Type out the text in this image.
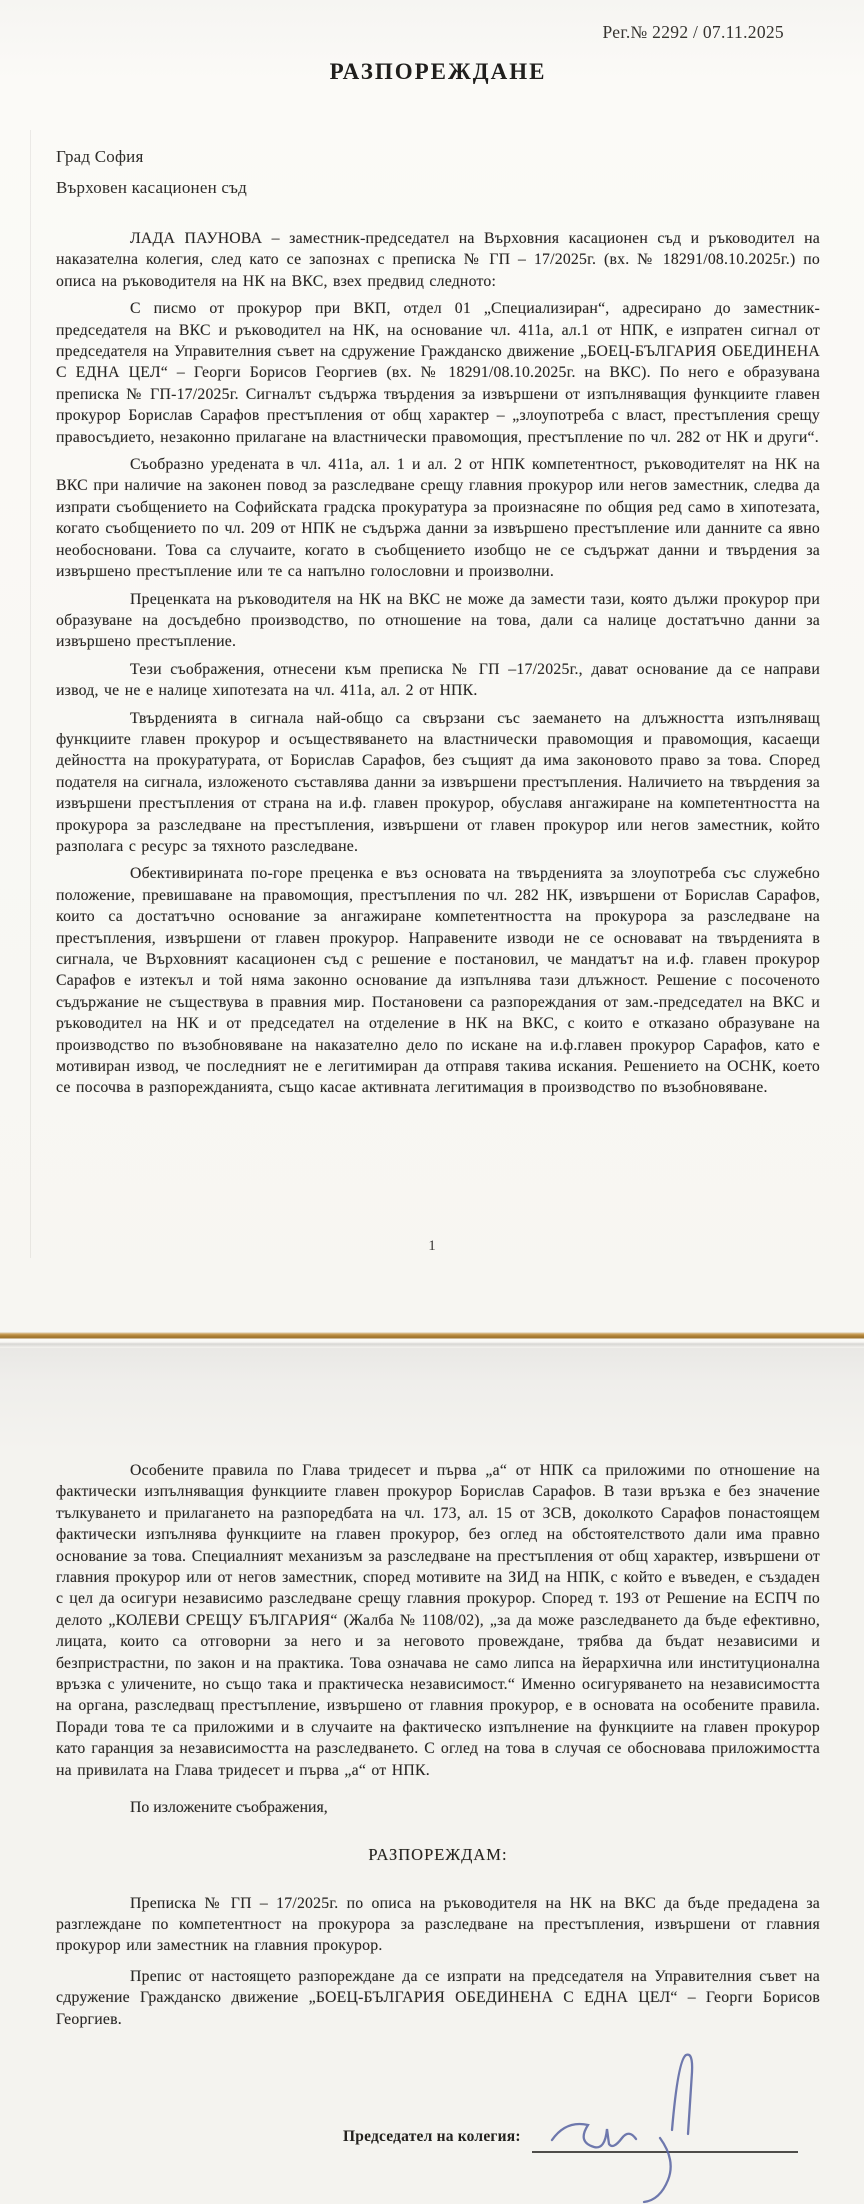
Рег.№ 2292 / 07.11.2025
РАЗПОРЕЖДАНЕ
Град София
Върховен касационен съд

ЛАДА ПАУНОВА – заместник-председател на Върховния касационен съд и ръководител на наказателна колегия, след като се запознах с преписка № ГП – 17/2025г. (вх. № 18291/08.10.2025г.) по описа на ръководителя на НК на ВКС, взех предвид следното:

С писмо от прокурор при ВКП, отдел 01 „Специализиран“, адресирано до заместник-председателя на ВКС и ръководител на НК, на основание чл. 411а, ал.1 от НПК, е изпратен сигнал от председателя на Управителния съвет на сдружение Гражданско движение „БОЕЦ-БЪЛГАРИЯ ОБЕДИНЕНА С ЕДНА ЦЕЛ“ – Георги Борисов Георгиев (вх. № 18291/08.10.2025г. на ВКС). По него е образувана преписка № ГП-17/2025г. Сигналът съдържа твърдения за извършени от изпълняващия функциите главен прокурор Борислав Сарафов престъпления от общ характер – „злоупотреба с власт, престъпления срещу правосъдието, незаконно прилагане на властнически правомощия, престъпление по чл. 282 от НК и други“.

Съобразно уредената в чл. 411а, ал. 1 и ал. 2 от НПК компетентност, ръководителят на НК на ВКС при наличие на законен повод за разследване срещу главния прокурор или негов заместник, следва да изпрати съобщението на Софийската градска прокуратура за произнасяне по общия ред само в хипотезата, когато съобщението по чл. 209 от НПК не съдържа данни за извършено престъпление или данните са явно необосновани. Това са случаите, когато в съобщението изобщо не се съдържат данни и твърдения за извършено престъпление или те са напълно голословни и произволни.

Преценката на ръководителя на НК на ВКС не може да замести тази, която дължи прокурор при образуване на досъдебно производство, по отношение на това, дали са налице достатъчно данни за извършено престъпление.

Тези съображения, отнесени към преписка № ГП –17/2025г., дават основание да се направи извод, че не е налице хипотезата на чл. 411а, ал. 2 от НПК.

Твърденията в сигнала най-общо са свързани със заемането на длъжността изпълняващ функциите главен прокурор и осъществяването на властнически правомощия и правомощия, касаещи дейността на прокуратурата, от Борислав Сарафов, без същият да има законовото право за това. Според подателя на сигнала, изложеното съставлява данни за извършени престъпления. Наличието на твърдения за извършени престъпления от страна на и.ф. главен прокурор, обуславя ангажиране на компетентността на прокурора за разследване на престъпления, извършени от главен прокурор или негов заместник, който разполага с ресурс за тяхното разследване.

Обективирината по-горе преценка е въз основата на твърденията за злоупотреба със служебно положение, превишаване на правомощия, престъпления по чл. 282 НК, извършени от Борислав Сарафов, които са достатъчно основание за ангажиране компетентността на прокурора за разследване на престъпления, извършени от главен прокурор. Направените изводи не се основават на твърденията в сигнала, че Върховният касационен съд с решение е постановил, че мандатът на и.ф. главен прокурор Сарафов е изтекъл и той няма законно основание да изпълнява тази длъжност. Решение с посоченото съдържание не съществува в правния мир. Постановени са разпореждания от зам.-председател на ВКС и ръководител на НК и от председател на отделение в НК на ВКС, с които е отказано образуване на производство по възобновяване на наказателно дело по искане на и.ф.главен прокурор Сарафов, като е мотивиран извод, че последният не е легитимиран да отправя такива искания. Решението на ОСНК, което се посочва в разпорежданията, също касае активната легитимация в производство по възобновяване.

1

Особените правила по Глава тридесет и първа „а“ от НПК са приложими по отношение на фактически изпълняващия функциите главен прокурор Борислав Сарафов. В тази връзка е без значение тълкуването и прилагането на разпоредбата на чл. 173, ал. 15 от ЗСВ, доколкото Сарафов понастоящем фактически изпълнява функциите на главен прокурор, без оглед на обстоятелството дали има правно основание за това. Специалният механизъм за разследване на престъпления от общ характер, извършени от главния прокурор или от негов заместник, според мотивите на ЗИД на НПК, с който е въведен, е създаден с цел да осигури независимо разследване срещу главния прокурор. Според т. 193 от Решение на ЕСПЧ по делото „КОЛЕВИ СРЕЩУ БЪЛГАРИЯ“ (Жалба № 1108/02), „за да може разследването да бъде ефективно, лицата, които са отговорни за него и за неговото провеждане, трябва да бъдат независими и безпристрастни, по закон и на практика. Това означава не само липса на йерархична или институционална връзка с уличените, но също така и практическа независимост.“ Именно осигуряването на независимостта на органа, разследващ престъпление, извършено от главния прокурор, е в основата на особените правила. Поради това те са приложими и в случаите на фактическо изпълнение на функциите на главен прокурор като гаранция за независимостта на разследването. С оглед на това в случая се обосновава приложимостта на привилата на Глава тридесет и първа „а“ от НПК.

По изложените съображения,

РАЗПОРЕЖДАМ:

Преписка № ГП – 17/2025г. по описа на ръководителя на НК на ВКС да бъде предадена за разглеждане по компетентност на прокурора за разследване на престъпления, извършени от главния прокурор или заместник на главния прокурор.

Препис от настоящето разпореждане да се изпрати на председателя на Управителния съвет на сдружение Гражданско движение „БОЕЦ-БЪЛГАРИЯ ОБЕДИНЕНА С ЕДНА ЦЕЛ“ – Георги Борисов Георгиев.

Председател на колегия:
